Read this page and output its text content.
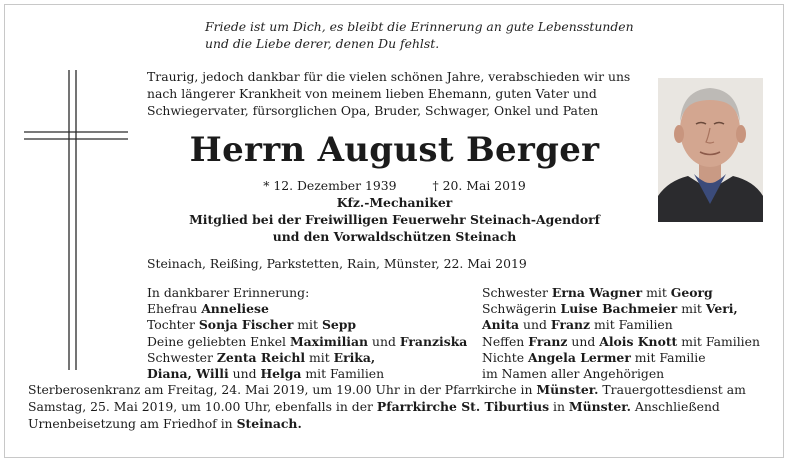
Friede ist um Dich, es bleibt die Erinnerung an gute Lebensstunden
und die Liebe derer, denen Du fehlst.
Traurig, jedoch dankbar für die vielen schönen Jahre, verabschieden wir uns nach längerer Krankheit von meinem lieben Ehemann, guten Vater und Schwiegervater, fürsorglichen Opa, Bruder, Schwager, Onkel und Paten
Herrn August Berger
* 12. Dezember 1939	† 20. Mai 2019
Kfz.-Mechaniker
Mitglied bei der Freiwilligen Feuerwehr Steinach-Agendorf
und den Vorwaldschützen Steinach
Steinach, Reißing, Parkstetten, Rain, Münster, 22. Mai 2019
In dankbarer Erinnerung:
Ehefrau Anneliese
Tochter Sonja Fischer mit Sepp
Deine geliebten Enkel Maximilian und Franziska
Schwester Zenta Reichl mit Erika,
Diana, Willi und Helga mit Familien
Schwester Erna Wagner mit Georg
Schwägerin Luise Bachmeier mit Veri,
Anita und Franz mit Familien
Neffen Franz und Alois Knott mit Familien
Nichte Angela Lermer mit Familie
im Namen aller Angehörigen
Sterberosenkranz am Freitag, 24. Mai 2019, um 19.00 Uhr in der Pfarrkirche in Münster. Trauergottesdienst am Samstag, 25. Mai 2019, um 10.00 Uhr, ebenfalls in der Pfarrkirche St. Tiburtius in Münster. Anschließend Urnenbeisetzung am Friedhof in Steinach.
